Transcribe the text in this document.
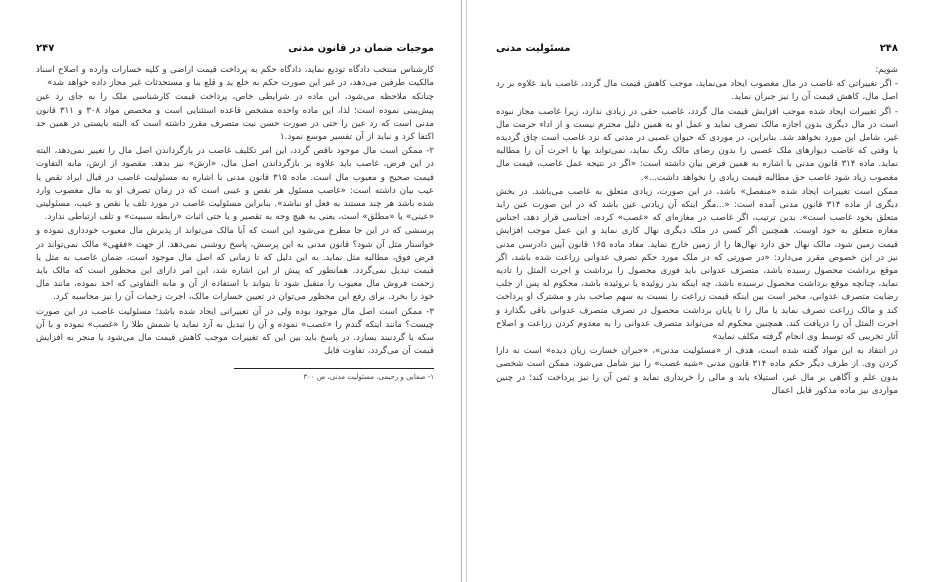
موجبات ضمان در قانون مدنی
۲۴۷

کارشناس منتخب دادگاه تودیع نماید، دادگاه حکم به پرداخت قیمت اراضی و کلیه خسارات وارده و اصلاح اسناد مالکیت طرفین می‌دهد، در غیر این صورت حکم به خلع ید و قلع بنا و مستحدثات غیر مجاز داده خواهد شد»

چنانکه ملاحظه می‌شود، این ماده در شرایطی خاص، پرداخت قیمت کارشناسی ملک را به جای رد عین پیش‌بینی نموده است؛ لذا، این ماده واحده مشخص قاعده استثنایی است و مخصص مواد ۳۰۸ و ۳۱۱ قانون مدنی است که رد عین را حتی در صورت حسن نیت متصرف مقرر داشته است که البته بایستی در همین حد اکتفا کرد و نباید از آن تفسیر موسع نمود.۱

۲- ممکن است مال موجود ناقص گردد، این امر تکلیف غاصب در بازگرداندن اصل مال را تغییر نمی‌دهد، البته در این فرض، غاصب باید علاوه بر بازگرداندن اصل مال، «ارش» نیز بدهد. مقصود از ارش، مابه التفاوت قیمت صحیح و معیوب مال است. ماده ۳۱۵ قانون مدنی با اشاره به مسئولیت غاصب در قبال ایراد نقص یا عیب بیان داشته است: «غاصب مسئول هر نقص و عیبی است که در زمان تصرف او به مال مغصوب وارد شده باشد هر چند مستند به فعل او نباشد». بنابراین مسئولیت غاصب در مورد تلف یا نقص و عیب، مسئولیتی «عینی» یا «مطلق» است، یعنی به هیچ وجه به تقصیر و یا حتی اثبات «رابطه سببیت» و تلف ارتباطی ندارد.

پرسشی که در این جا مطرح می‌شود این است که آیا مالک می‌تواند از پذیرش مال معیوب خودداری نموده و خواستار مثل آن شود؟ قانون مدنی به این پرسش، پاسخ روشنی نمی‌دهد. از جهت «فقهی» مالک نمی‌تواند در فرض فوق، مطالبه مثل نماید. به این دلیل که تا زمانی که اصل مال موجود است، ضمان غاصب به مثل یا قیمت تبدیل نمی‌گردد. همانطور که پیش از این اشاره شد، این امر دارای این محظور است که مالک باید زحمت فروش مال معیوب را متقبل شود تا بتواند با استفاده از آن و مابه التفاوتی که اخذ نموده، مانند مال خود را بخرد. برای رفع این محظور می‌توان در تعیین خسارات مالک، اجرت زحمات آن را نیز محاسبه کرد.

۳- ممکن است اصل مال موجود بوده ولی در آن تغییراتی ایجاد شده باشد؛ مسئولیت غاصب در این صورت چیست؟ مانند اینکه گندم را «غصب» نموده و آن را تبدیل به آرد نماید یا شمش طلا را «غصب» نموده و با آن سکه یا گردنبند بسازد. در پاسخ باید بین این که تغییرات موجب کاهش قیمت مال می‌شود یا منجر به افزایش قیمت آن می‌گردد، تفاوت قایل

۱- صفایی و رحیمی، مسئولیت مدنی، ص ۳۰۰
۲۴۸
مسئولیت مدنی

شویم:

- اگر تغییراتی که غاصب در مال مغصوب ایجاد می‌نماید، موجب کاهش قیمت مال گردد، غاصب باید علاوه بر رد اصل مال، کاهش قیمت آن را نیز جبران نماید.

- اگر تغییرات ایجاد شده موجب افزایش قیمت مال گردد، غاصب حقی در زیادی ندارد، زیرا غاصب مجاز نبوده است در مال دیگری بدون اجازه مالک تصرف نماید و عمل او به همین دلیل محترم نیست و از اداء حرمت مال غیر، شامل این مورد نخواهد شد. بنابراین، در موردی که حیوان غصبی در مدتی که نزد غاصب است چاق گردیده یا وقتی که غاصب دیوارهای ملک غصبی را بدون رضای مالک رنگ نماید، نمی‌تواند بها یا اجرت آن را مطالبه نماید. ماده ۳۱۴ قانون مدنی با اشاره به همین فرض بیان داشته است: «اگر در نتیجه عمل غاصب، قیمت مال مغصوب زیاد شود غاصب حق مطالبه قیمت زیادی را نخواهد داشت...».

ممکن است تغییرات ایجاد شده «منفصل» باشد، در این صورت، زیادی متعلق به غاصب می‌باشد. در بخش دیگری از ماده ۳۱۴ قانون مدنی آمده است: «...مگر اینکه آن زیادتی عین باشد که در این صورت عین زاید متعلق بخود غاصب است». بدین ترتیب، اگر غاصب در مغازه‌ای که «غصب» کرده، اجناسی قرار دهد، اجناس مغازه متعلق به خود اوست. همچنین اگر کسی در ملک دیگری نهال کاری نماید و این عمل موجب افزایش قیمت زمین شود، مالک نهال حق دارد نهال‌ها را از زمین خارج نماید. مفاد ماده ۱۶۵ قانون آیین دادرسی مدنی نیز در این خصوص مقرر می‌دارد: «در صورتی که در ملک مورد حکم تصرف عدوانی زراعت شده باشد، اگر موقع برداشت محصول رسیده باشد، متصرف عدوانی باید فوری محصول را برداشت و اجرت المثل را تادیه نماید، چنانچه موقع برداشت محصول نرسیده باشد، چه اینکه بذر روئیده یا نروئیده باشد، محکوم له پس از جلب رضایت متصرف عدوانی، مخیر است بین اینکه قیمت زراعت را نسبت به سهم صاحب بذر و مشترک او پرداخت کند و مالک زراعت تصرف نماید یا مال را تا پایان برداشت محصول در تصرف متصرف عدوانی باقی بگذارد و اجرت المثل آن را دریافت کند. همچنین محکوم له می‌تواند متصرف عدوانی را به معدوم کردن زراعت و اصلاح آثار تخریبی که توسط وی انجام گرفته مکلف نماید»

در انتقاد به این مواد گفته شده است، هدف از «مسئولیت مدنی»، «جبران خسارت زیان دیده» است نه دارا کردن وی. از طرف دیگر حکم ماده ۳۱۴ قانون مدنی «شبه غصب» را نیز شامل می‌شود، ممکن است شخصی بدون علم و آگاهی بر مال غیر، استیلاء یابد و مالی را خریداری نماید و ثمن آن را نیز پرداخت کند؛ در چنین مواردی نیز ماده مذکور قایل اعمال
